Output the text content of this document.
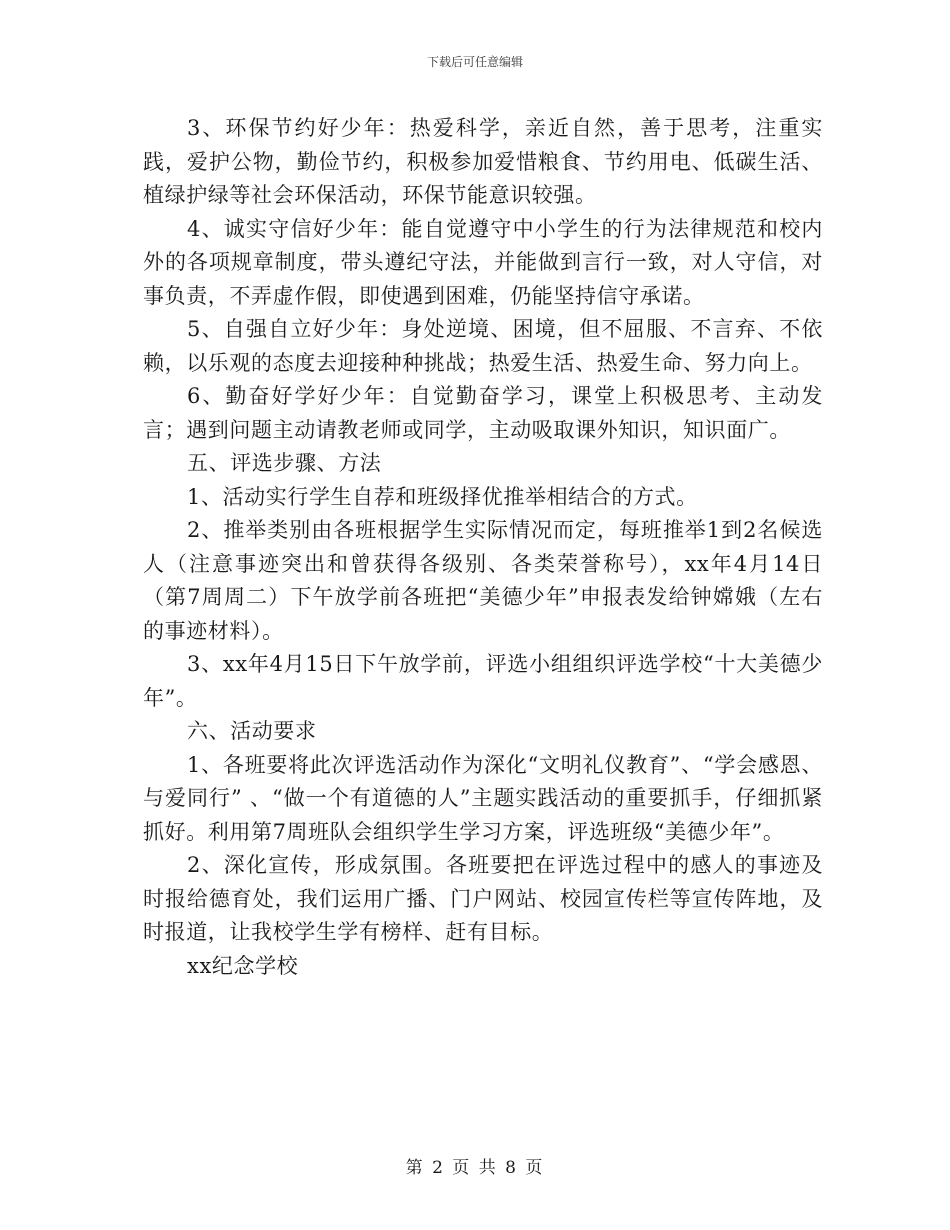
下载后可任意编辑

3、环保节约好少年：热爱科学，亲近自然，善于思考，注重实践，爱护公物，勤俭节约，积极参加爱惜粮食、节约用电、低碳生活、植绿护绿等社会环保活动，环保节能意识较强。

4、诚实守信好少年：能自觉遵守中小学生的行为法律规范和校内外的各项规章制度，带头遵纪守法，并能做到言行一致，对人守信，对事负责，不弄虚作假，即使遇到困难，仍能坚持信守承诺。

5、自强自立好少年：身处逆境、困境，但不屈服、不言弃、不依赖，以乐观的态度去迎接种种挑战；热爱生活、热爱生命、努力向上。

6、勤奋好学好少年：自觉勤奋学习，课堂上积极思考、主动发言；遇到问题主动请教老师或同学，主动吸取课外知识，知识面广。

五、评选步骤、方法

1、活动实行学生自荐和班级择优推举相结合的方式。

2、推举类别由各班根据学生实际情况而定，每班推举1到2名候选人（注意事迹突出和曾获得各级别、各类荣誉称号），xx年4月14日（第7周周二）下午放学前各班把“美德少年”申报表发给钟嫦娥（左右的事迹材料）。

3、xx年4月15日下午放学前，评选小组组织评选学校“十大美德少年”。

六、活动要求

1、各班要将此次评选活动作为深化“文明礼仪教育”、“学会感恩、与爱同行” 、“做一个有道德的人”主题实践活动的重要抓手，仔细抓紧抓好。利用第7周班队会组织学生学习方案，评选班级“美德少年”。

2、深化宣传，形成氛围。各班要把在评选过程中的感人的事迹及时报给德育处，我们运用广播、门户网站、校园宣传栏等宣传阵地，及时报道，让我校学生学有榜样、赶有目标。

xx纪念学校

第 2 页 共 8 页
